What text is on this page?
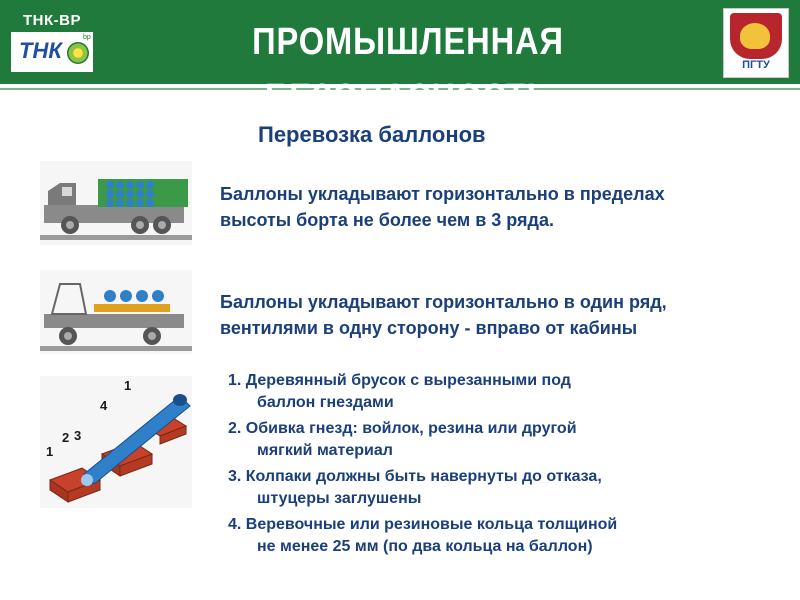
ТНК-ВР
ТНК
bp	ПРОМЫШЛЕННАЯ БЕЗОПАСНОСТЬ
ПГТУ
Перевозка баллонов
1
2 3
4
1
Баллоны укладывают горизонтально в пределах
высоты борта не более чем в 3 ряда.
Баллоны укладывают горизонтально в один ряд,
вентилями в одну сторону - вправо от кабины
1. Деревянный брусок с вырезанными под
баллон гнездами
2. Обивка гнезд: войлок, резина или другой
мягкий материал
3. Колпаки должны быть навернуты до отказа,
штуцеры заглушены
4. Веревочные или резиновые кольца толщиной
не менее 25 мм (по два кольца на баллон)
